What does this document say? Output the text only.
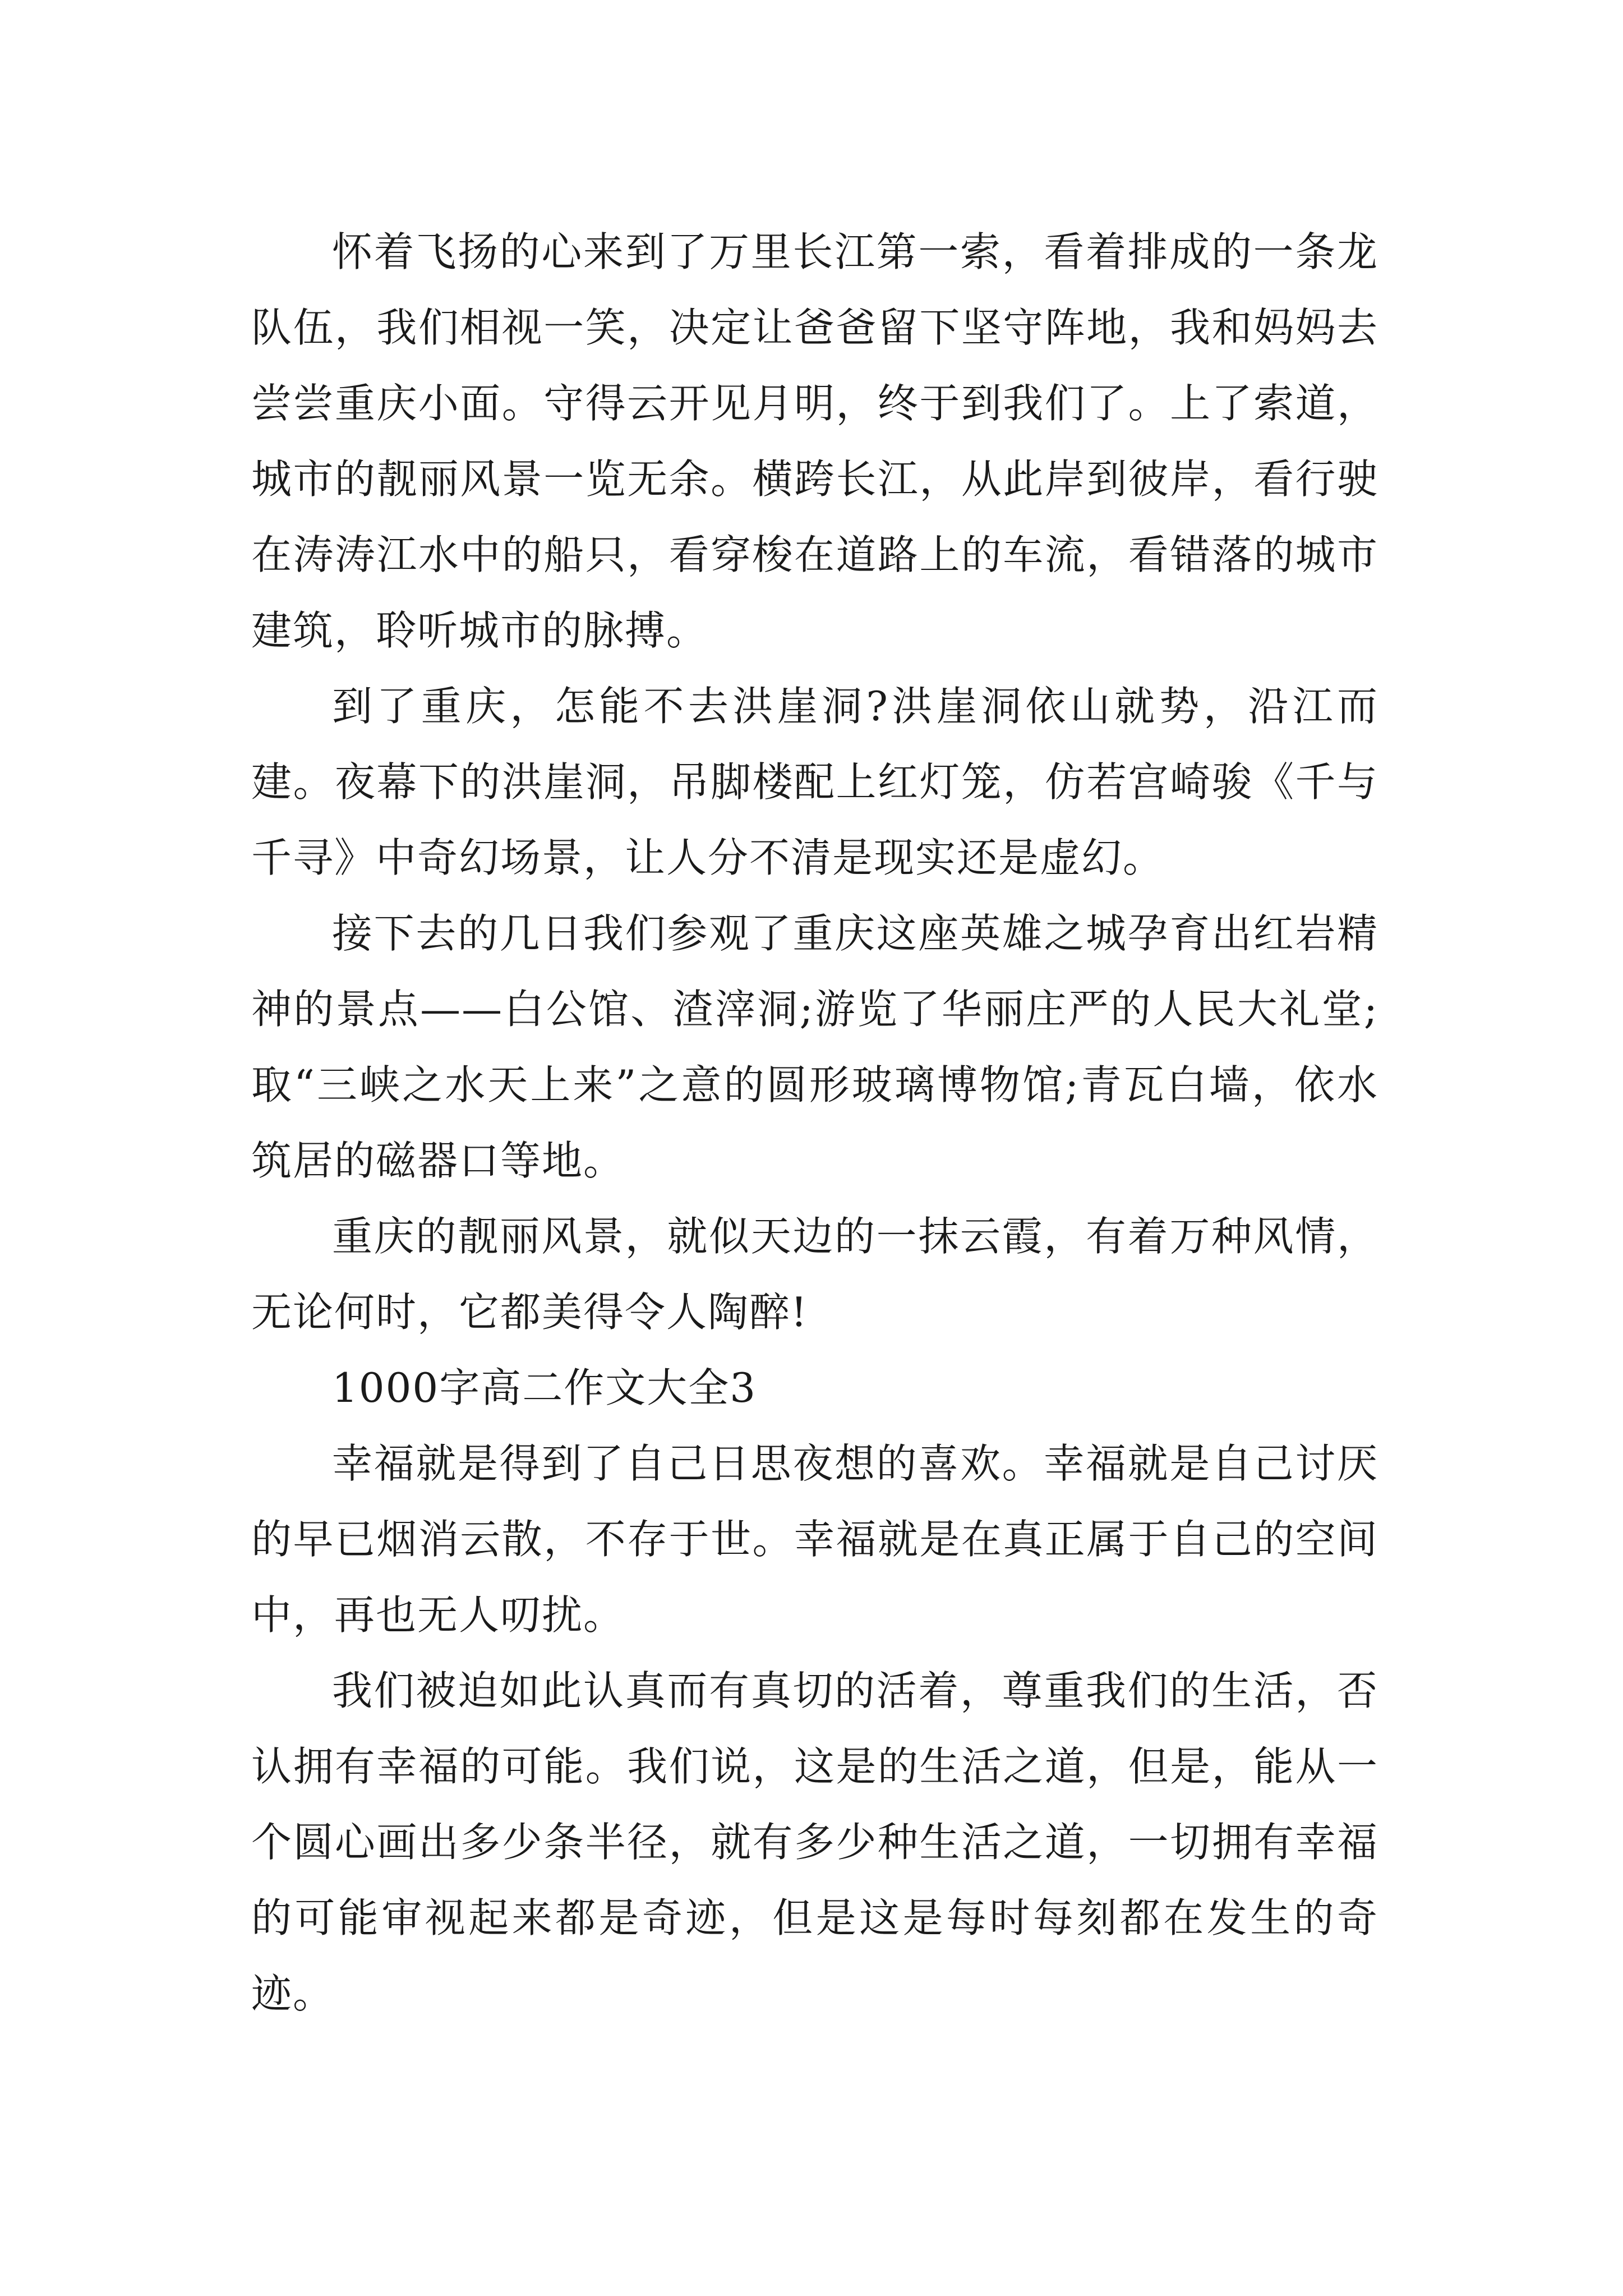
怀着飞扬的心来到了万里长江第一索，看着排成的一条龙队伍，我们相视一笑，决定让爸爸留下坚守阵地，我和妈妈去尝尝重庆小面。守得云开见月明，终于到我们了。上了索道，城市的靓丽风景一览无余。横跨长江，从此岸到彼岸，看行驶在涛涛江水中的船只，看穿梭在道路上的车流，看错落的城市建筑，聆听城市的脉搏。

到了重庆，怎能不去洪崖洞?洪崖洞依山就势，沿江而建。夜幕下的洪崖洞，吊脚楼配上红灯笼，仿若宫崎骏《千与千寻》中奇幻场景，让人分不清是现实还是虚幻。

接下去的几日我们参观了重庆这座英雄之城孕育出红岩精神的景点——白公馆、渣滓洞;游览了华丽庄严的人民大礼堂;取“三峡之水天上来”之意的圆形玻璃博物馆;青瓦白墙，依水筑居的磁器口等地。

重庆的靓丽风景，就似天边的一抹云霞，有着万种风情，无论何时，它都美得令人陶醉!

1000字高二作文大全3

幸福就是得到了自己日思夜想的喜欢。幸福就是自己讨厌的早已烟消云散，不存于世。幸福就是在真正属于自己的空间中，再也无人叨扰。

我们被迫如此认真而有真切的活着，尊重我们的生活，否认拥有幸福的可能。我们说，这是的生活之道，但是，能从一个圆心画出多少条半径，就有多少种生活之道，一切拥有幸福的可能审视起来都是奇迹，但是这是每时每刻都在发生的奇迹。
